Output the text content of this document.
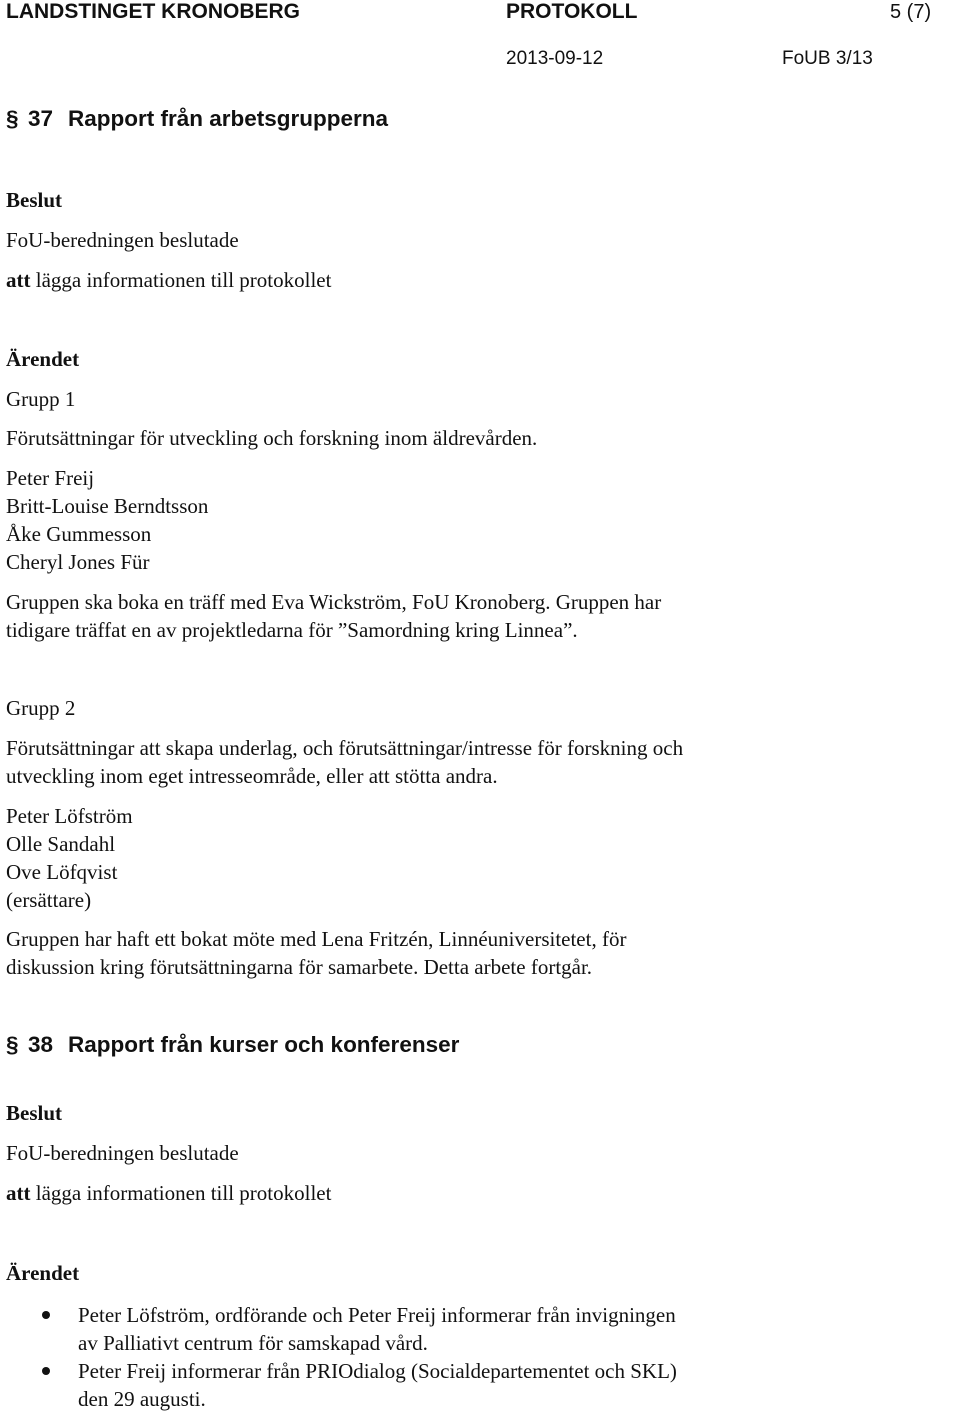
LANDSTINGET KRONOBERG	PROTOKOLL	5 (7)
2013-09-12	FoUB 3/13
§ 37 Rapport från arbetsgrupperna
Beslut
FoU-beredningen beslutade
att lägga informationen till protokollet
Ärendet
Grupp 1
Förutsättningar för utveckling och forskning inom äldrevården.
Peter Freij
Britt-Louise Berndtsson
Åke Gummesson
Cheryl Jones Für
Gruppen ska boka en träff med Eva Wickström, FoU Kronoberg. Gruppen har
tidigare träffat en av projektledarna för ”Samordning kring Linnea”.
Grupp 2
Förutsättningar att skapa underlag, och förutsättningar/intresse för forskning och
utveckling inom eget intresseområde, eller att stötta andra.
Peter Löfström
Olle Sandahl
Ove Löfqvist
(ersättare)
Gruppen har haft ett bokat möte med Lena Fritzén, Linnéuniversitetet, för
diskussion kring förutsättningarna för samarbete. Detta arbete fortgår.
§ 38 Rapport från kurser och konferenser
Beslut
FoU-beredningen beslutade
att lägga informationen till protokollet
Ärendet
Peter Löfström, ordförande och Peter Freij informerar från invigningen
av Palliativt centrum för samskapad vård.
Peter Freij informerar från PRIOdialog (Socialdepartementet och SKL)
den 29 augusti.
